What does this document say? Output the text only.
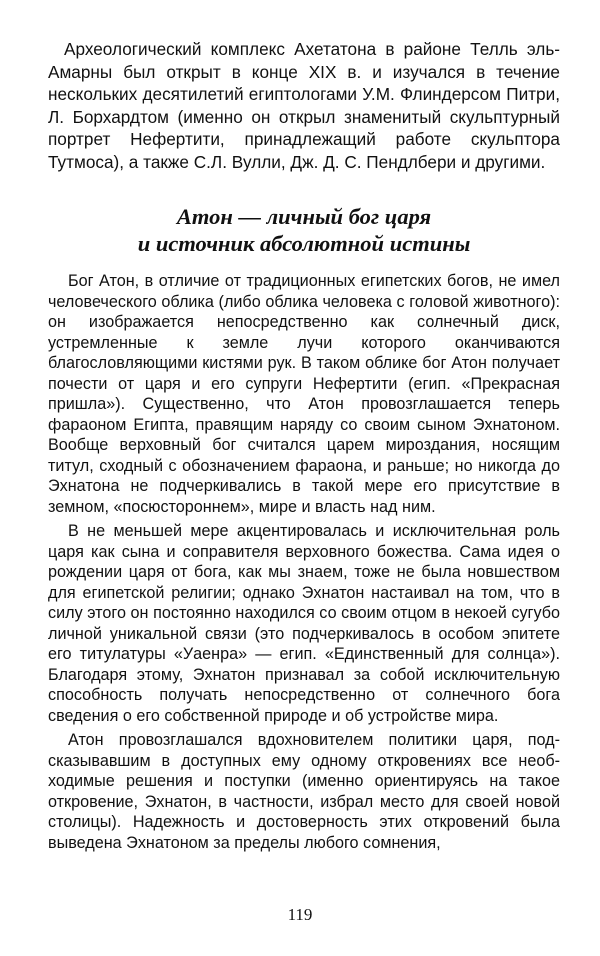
Археологический комплекс Ахетатона в районе Телль эль-Амарны был открыт в конце XIX в. и изучался в течение нескольких десятилетий египтологами У.М. Флиндерсом Питри, Л. Борхардтом (именно он открыл знаменитый скульптурный портрет Нефертити, принадлежащий работе скульптора Тутмоса), а также С.Л. Вулли, Дж. Д. С. Пендлбери и другими.

Атон — личный бог царя
и источник абсолютной истины

Бог Атон, в отличие от традиционных египетских богов, не имел человеческого облика (либо облика человека с головой животного): он изображается непосредственно как солнечный диск, устремленные к земле лучи которого оканчиваются благословляющими кистями рук. В таком облике бог Атон получает почести от царя и его супруги Нефертити (егип. «Прекрасная пришла»). Существенно, что Атон провозглашается теперь фараоном Египта, правящим наряду со своим сыном Эхнатоном. Вообще верховный бог считался царем мироздания, носящим титул, сходный с обозначением фараона, и раньше; но никогда до Эхнатона не подчеркивались в такой мере его присутствие в земном, «посюстороннем», мире и власть над ним.

В не меньшей мере акцентировалась и исключительная роль царя как сына и соправителя верховного божества. Сама идея о рождении царя от бога, как мы знаем, тоже не была новшеством для египетской религии; однако Эхнатон настаивал на том, что в силу этого он постоянно находился со своим отцом в некоей сугубо личной уникальной связи (это подчеркивалось в особом эпитете его титулатуры «Уаенра» — егип. «Единственный для солнца»). Благодаря этому, Эхнатон признавал за собой исключительную способность получать непосредственно от солнечного бога сведения о его собственной природе и об устройстве мира.

Атон провозглашался вдохновителем политики царя, подсказывавшим в доступных ему одному откровениях все необходимые решения и поступки (именно ориентируясь на такое откровение, Эхнатон, в частности, избрал место для своей новой столицы). Надежность и достоверность этих откровений была выведена Эхнатоном за пределы любого сомнения,

119
